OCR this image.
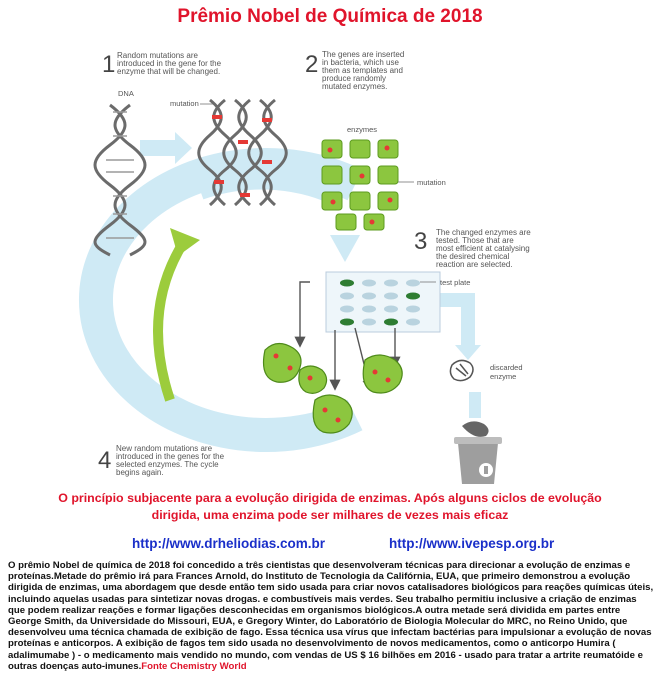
Prêmio Nobel de Química de 2018
1 Random mutations are
introduced in the gene for the
enzyme that will be changed.	2 The genes are inserted
in bacteria, which use
them as templates and
produce randomly
mutated enzymes.
3 The changed enzymes are
tested. Those that are
most efficient at catalysing
the desired chemical
reaction are selected.
4 New random mutations are
introduced in the genes for the
selected enzymes. The cycle
begins again.
DNA
mutation
enzymes
mutation
test plate
discarded
enzyme
O princípio subjacente para a evolução dirigida de enzimas. Após alguns ciclos de evolução
dirigida, uma enzima pode ser milhares de vezes mais eficaz
http://www.drheliodias.com.br	http://www.ivepesp.org.br
O prêmio Nobel de química de 2018 foi concedido a três cientistas que desenvolveram técnicas para direcionar a evolução de enzimas e proteínas.Metade do prêmio irá para Frances Arnold, do Instituto de Tecnologia da Califórnia, EUA, que primeiro demonstrou a evolução dirigida de enzimas, uma abordagem que desde então tem sido usada para criar novos catalisadores biológicos para reações químicas úteis, incluindo aquelas usadas para sintetizar novas drogas. e combustíveis mais verdes. Seu trabalho permitiu inclusive a criação de enzimas que podem realizar reações e formar ligações desconhecidas em organismos biológicos.A outra metade será dividida em partes entre George Smith, da Universidade do Missouri, EUA, e Gregory Winter, do Laboratório de Biologia Molecular do MRC, no Reino Unido, que desenvolveu uma técnica chamada de exibição de fago. Essa técnica usa vírus que infectam bactérias para impulsionar a evolução de novas proteínas e anticorpos. A exibição de fagos tem sido usada no desenvolvimento de novos medicamentos, como o anticorpo Humira ( adalimumabe ) - o medicamento mais vendido no mundo, com vendas de US $ 16 bilhões em 2016 - usado para tratar a artrite reumatóide e outras doenças auto-imunes.Fonte Chemistry World
